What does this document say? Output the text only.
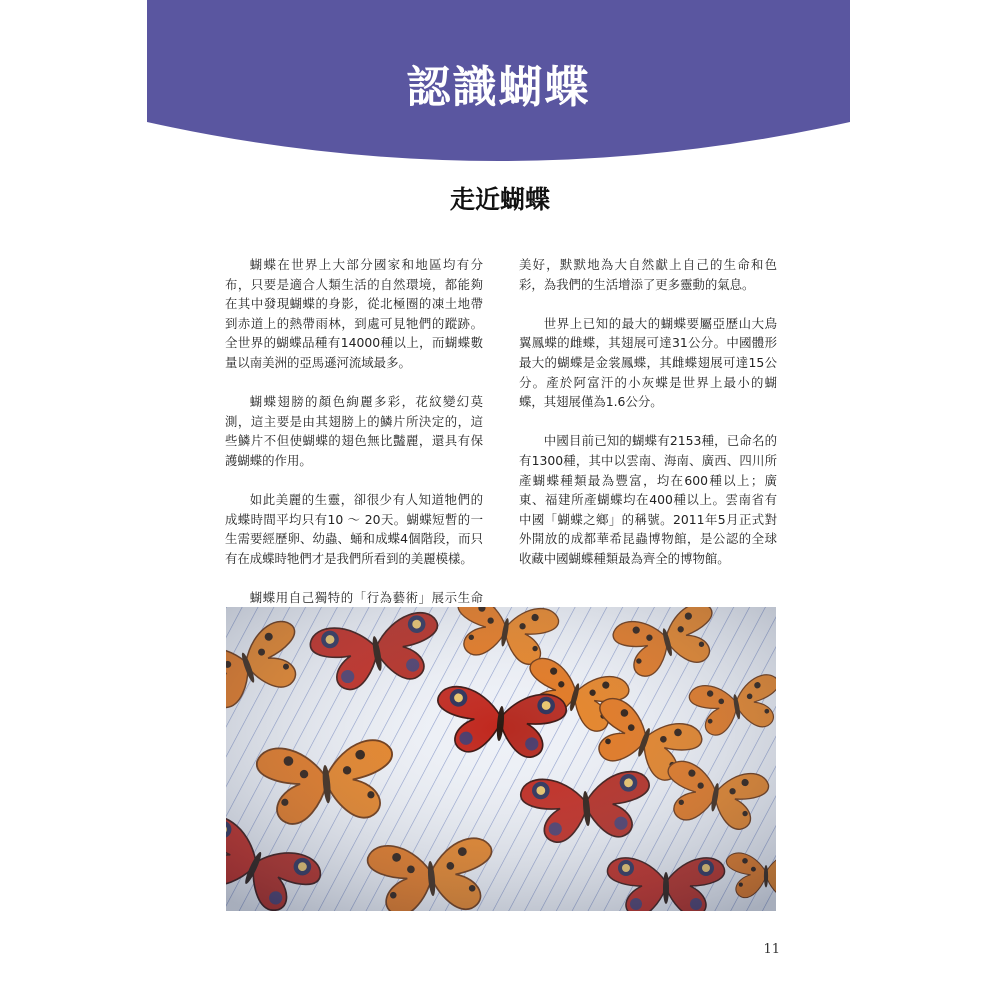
認識蝴蝶
走近蝴蝶

蝴蝶在世界上大部分國家和地區均有分布，只要是適合人類生活的自然環境，都能夠在其中發現蝴蝶的身影，從北極圈的凍土地帶到赤道上的熱帶雨林，到處可見牠們的蹤跡。全世界的蝴蝶品種有14000種以上，而蝴蝶數量以南美洲的亞馬遜河流域最多。

蝴蝶翅膀的顏色絢麗多彩，花紋變幻莫測，這主要是由其翅膀上的鱗片所決定的，這些鱗片不但使蝴蝶的翅色無比豔麗，還具有保護蝴蝶的作用。

如此美麗的生靈，卻很少有人知道牠們的成蝶時間平均只有10 ～ 20天。蝴蝶短暫的一生需要經歷卵、幼蟲、蛹和成蝶4個階段，而只有在成蝶時牠們才是我們所看到的美麗模樣。

蝴蝶用自己獨特的「行為藝術」展示生命

美好，默默地為大自然獻上自己的生命和色彩，為我們的生活增添了更多靈動的氣息。

世界上已知的最大的蝴蝶要屬亞歷山大鳥翼鳳蝶的雌蝶，其翅展可達31公分。中國體形最大的蝴蝶是金裳鳳蝶，其雌蝶翅展可達15公分。產於阿富汗的小灰蝶是世界上最小的蝴蝶，其翅展僅為1.6公分。

中國目前已知的蝴蝶有2153種，已命名的有1300種，其中以雲南、海南、廣西、四川所產蝴蝶種類最為豐富，均在600種以上；廣東、福建所產蝴蝶均在400種以上。雲南省有中國「蝴蝶之鄉」的稱號。2011年5月正式對外開放的成都華希昆蟲博物館，是公認的全球收藏中國蝴蝶種類最為齊全的博物館。

11
